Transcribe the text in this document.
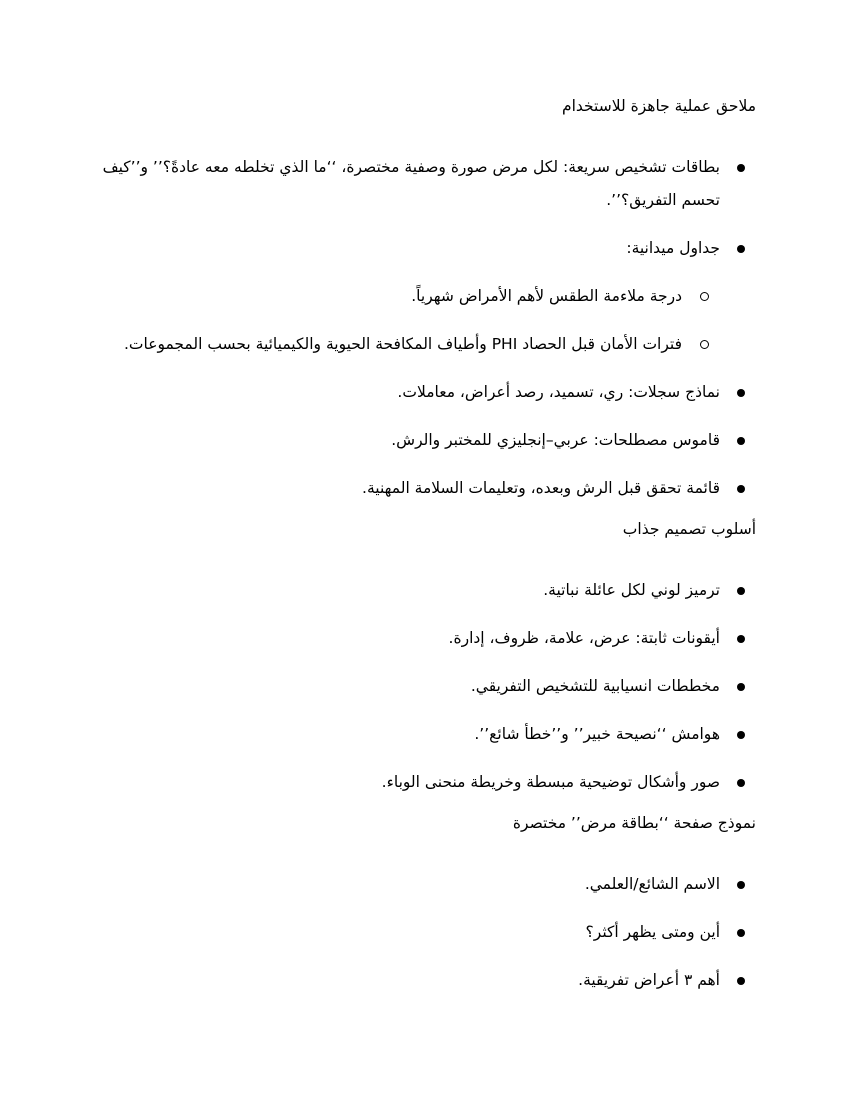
ملاحق عملية جاهزة للاستخدام

بطاقات تشخيص سريعة: لكل مرض صورة وصفية مختصرة، ‘‘ما الذي تخلطه معه عادةً؟’’ و’’كيف تحسم التفريق؟’’.
جداول ميدانية:
درجة ملاءمة الطقس لأهم الأمراض شهرياً.
فترات الأمان قبل الحصاد PHI وأطياف المكافحة الحيوية والكيميائية بحسب المجموعات.
نماذج سجلات: ري، تسميد، رصد أعراض، معاملات.
قاموس مصطلحات: عربي–إنجليزي للمختبر والرش.
قائمة تحقق قبل الرش وبعده، وتعليمات السلامة المهنية.

أسلوب تصميم جذاب

ترميز لوني لكل عائلة نباتية.
أيقونات ثابتة: عرض، علامة، ظروف، إدارة.
مخططات انسيابية للتشخيص التفريقي.
هوامش ‘‘نصيحة خبير’’ و’’خطأ شائع’’.
صور وأشكال توضيحية مبسطة وخريطة منحنى الوباء.

نموذج صفحة ‘‘بطاقة مرض’’ مختصرة

الاسم الشائع/العلمي.
أين ومتى يظهر أكثر؟
أهم ٣ أعراض تفريقية.
